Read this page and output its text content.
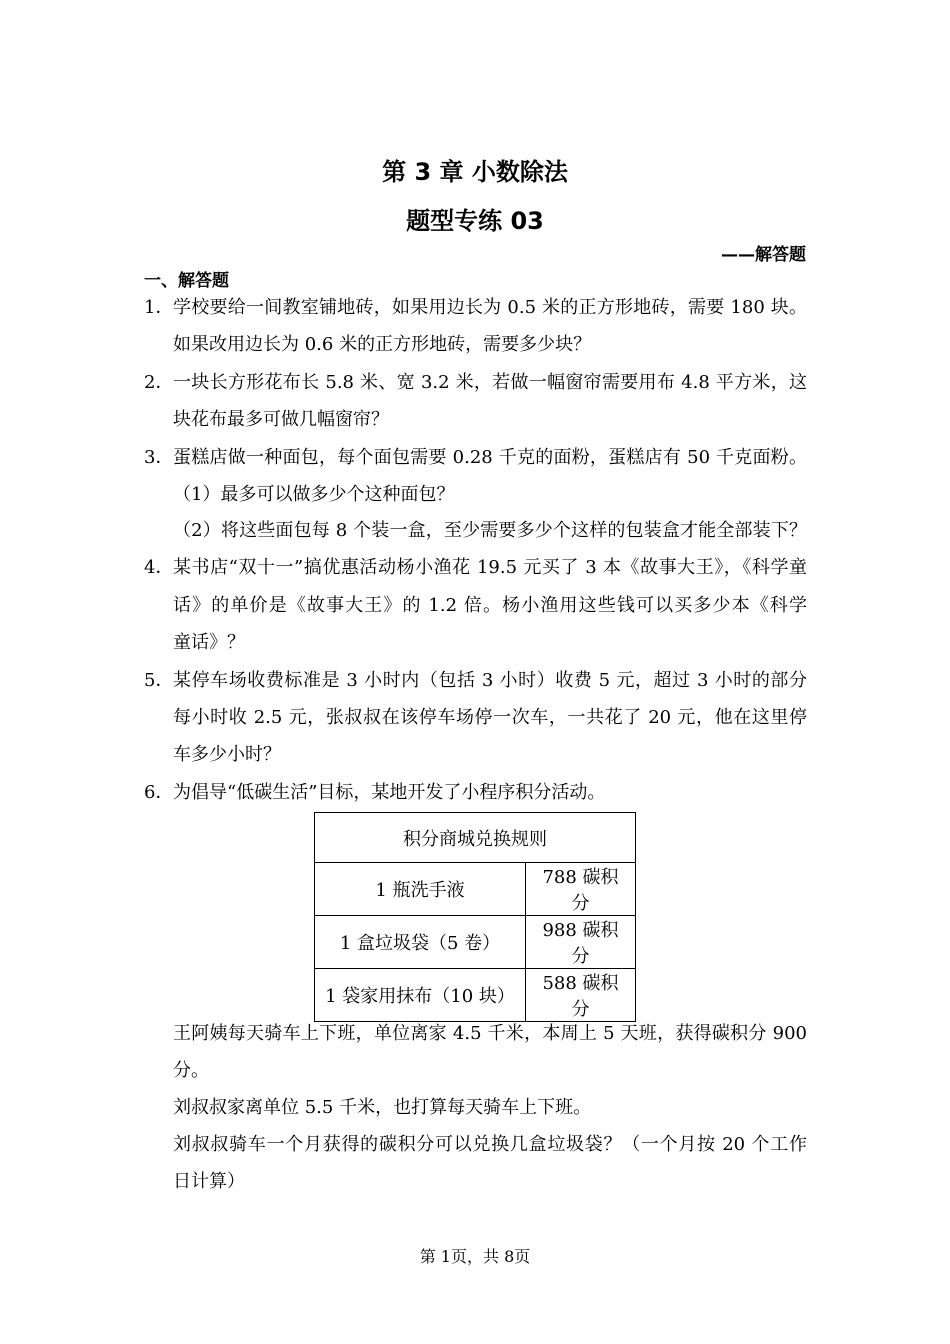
第 3 章 小数除法
题型专练 03
——解答题
一、解答题
1． 学校要给一间教室铺地砖，如果用边长为 0.5 米的正方形地砖，需要 180 块。
如果改用边长为 0.6 米的正方形地砖，需要多少块？
2． 一块长方形花布长 5.8 米、宽 3.2 米，若做一幅窗帘需要用布 4.8 平方米，这
块花布最多可做几幅窗帘？
3． 蛋糕店做一种面包，每个面包需要 0.28 千克的面粉，蛋糕店有 50 千克面粉。
（1）最多可以做多少个这种面包？
（2）将这些面包每 8 个装一盒，至少需要多少个这样的包装盒才能全部装下？
4． 某书店“双十一”搞优惠活动杨小渔花 19.5 元买了 3 本《故事大王》，《科学童
话》的单价是《故事大王》的 1.2 倍。杨小渔用这些钱可以买多少本《科学
童话》？
5． 某停车场收费标准是 3 小时内（包括 3 小时）收费 5 元，超过 3 小时的部分
每小时收 2.5 元，张叔叔在该停车场停一次车，一共花了 20 元，他在这里停
车多少小时？
6． 为倡导“低碳生活”目标，某地开发了小程序积分活动。
积分商城兑换规则	
1 瓶洗手液	788 碳积分
1 盒垃圾袋（5 卷）	988 碳积分
1 袋家用抹布（10 块）	588 碳积分
王阿姨每天骑车上下班，单位离家 4.5 千米，本周上 5 天班，获得碳积分 900
分。
刘叔叔家离单位 5.5 千米，也打算每天骑车上下班。
刘叔叔骑车一个月获得的碳积分可以兑换几盒垃圾袋？（一个月按 20 个工作
日计算）
第 1页，共 8页
